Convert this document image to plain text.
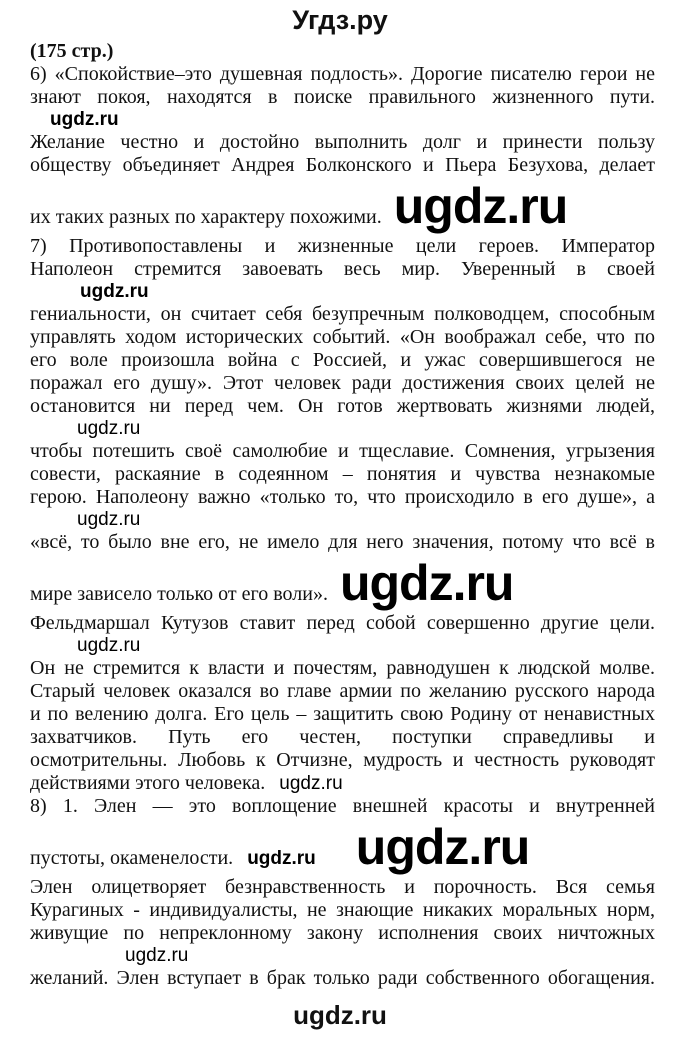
Угдз.ру
(175 стр.)
6) «Спокойствие‒это душевная подлость». Дорогие писателю герои не
знают покоя, находятся в поиске правильного жизненного пути.
ugdz.ru
Желание честно и достойно выполнить долг и принести пользу
обществу объединяет Андрея Болконского и Пьера Безухова, делает
их таких разных по характеру похожими. ugdz.ru
7) Противопоставлены и жизненные цели героев. Император
Наполеон стремится завоевать весь мир. Уверенный в своей
ugdz.ru
гениальности, он считает себя безупречным полководцем, способным
управлять ходом исторических событий. «Он воображал себе, что по
его воле произошла война с Россией, и ужас совершившегося не
поражал его душу». Этот человек ради достижения своих целей не
остановится ни перед чем. Он готов жертвовать жизнями людей,
ugdz.ru
чтобы потешить своё самолюбие и тщеславие. Сомнения, угрызения
совести, раскаяние в содеянном – понятия и чувства незнакомые
герою. Наполеону важно «только то, что происходило в его душе», а
ugdz.ru
«всё, то было вне его, не имело для него значения, потому что всё в
мире зависело только от его воли». ugdz.ru
Фельдмаршал Кутузов ставит перед собой совершенно другие цели.
ugdz.ru
Он не стремится к власти и почестям, равнодушен к людской молве.
Старый человек оказался во главе армии по желанию русского народа
и по велению долга. Его цель – защитить свою Родину от ненавистных
захватчиков. Путь его честен, поступки справедливы и
осмотрительны. Любовь к Отчизне, мудрость и честность руководят
действиями этого человека. ugdz.ru
8) 1. Элен — это воплощение внешней красоты и внутренней
пустоты, окаменелости. ugdz.ru ugdz.ru
Элен олицетворяет безнравственность и порочность. Вся семья
Курагиных - индивидуалисты, не знающие никаких моральных норм,
живущие по непреклонному закону исполнения своих ничтожных
ugdz.ru
желаний. Элен вступает в брак только ради собственного обогащения.
ugdz.ru
